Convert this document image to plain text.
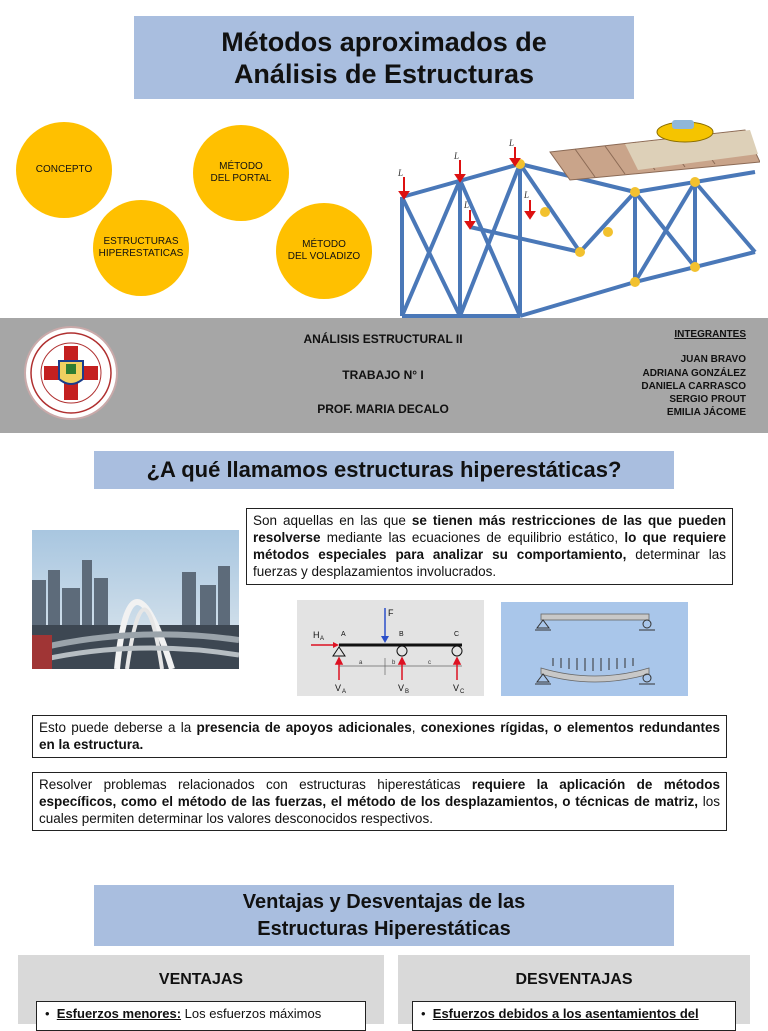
Métodos aproximados de
Análisis de Estructuras
CONCEPTO	MÉTODO
DEL PORTAL
ESTRUCTURAS
HIPERESTATICAS
MÉTODO
DEL VOLADIZO
L
L
L
L
L
ANÁLISIS ESTRUCTURAL II
TRABAJO N° I
PROF. MARIA DECALO
INTEGRANTES
JUAN BRAVO
ADRIANA GONZÁLEZ
DANIELA CARRASCO
SERGIO PROUT
EMILIA JÁCOME
¿A qué llamamos estructuras hiperestáticas?
Son aquellas en las que se tienen más restricciones de las que pueden resolverse mediante las ecuaciones de equilibrio estático, lo que requiere métodos especiales para analizar su comportamiento, determinar las fuerzas y desplazamientos involucrados.
F
H A
A	B	C
a	b	c
V A	V B	V C
Esto puede deberse a la presencia de apoyos adicionales, conexiones rígidas, o elementos redundantes en la estructura.
Resolver problemas relacionados con estructuras hiperestáticas requiere la aplicación de métodos específicos, como el método de las fuerzas, el método de los desplazamientos, o técnicas de matriz, los cuales permiten determinar los valores desconocidos respectivos.
Ventajas y Desventajas de las
Estructuras Hiperestáticas
VENTAJAS
•  Esfuerzos menores: Los esfuerzos máximos
DESVENTAJAS
•  Esfuerzos debidos a los asentamientos del
